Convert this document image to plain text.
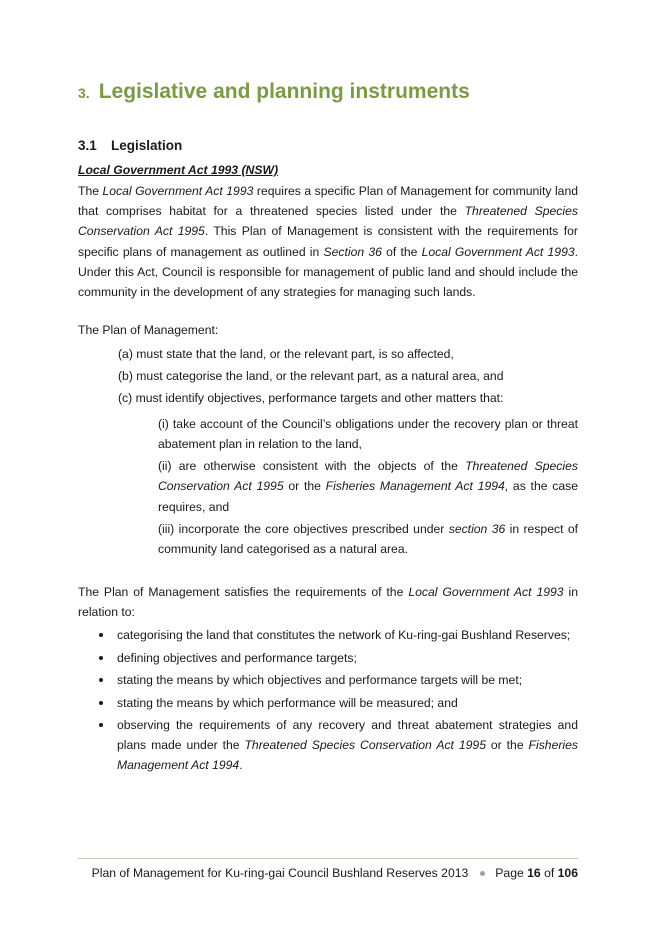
3. Legislative and planning instruments
3.1 Legislation
Local Government Act 1993 (NSW)

The Local Government Act 1993 requires a specific Plan of Management for community land that comprises habitat for a threatened species listed under the Threatened Species Conservation Act 1995. This Plan of Management is consistent with the requirements for specific plans of management as outlined in Section 36 of the Local Government Act 1993. Under this Act, Council is responsible for management of public land and should include the community in the development of any strategies for managing such lands.

The Plan of Management:

(a) must state that the land, or the relevant part, is so affected,
(b) must categorise the land, or the relevant part, as a natural area, and
(c) must identify objectives, performance targets and other matters that:
(i) take account of the Council’s obligations under the recovery plan or threat abatement plan in relation to the land,
(ii) are otherwise consistent with the objects of the Threatened Species Conservation Act 1995 or the Fisheries Management Act 1994, as the case requires, and
(iii) incorporate the core objectives prescribed under section 36 in respect of community land categorised as a natural area.

The Plan of Management satisfies the requirements of the Local Government Act 1993 in relation to:

categorising the land that constitutes the network of Ku-ring-gai Bushland Reserves;
defining objectives and performance targets;
stating the means by which objectives and performance targets will be met;
stating the means by which performance will be measured; and
observing the requirements of any recovery and threat abatement strategies and plans made under the Threatened Species Conservation Act 1995 or the Fisheries Management Act 1994.
Plan of Management for Ku-ring-gai Council Bushland Reserves 2013 Page 16 of 106
